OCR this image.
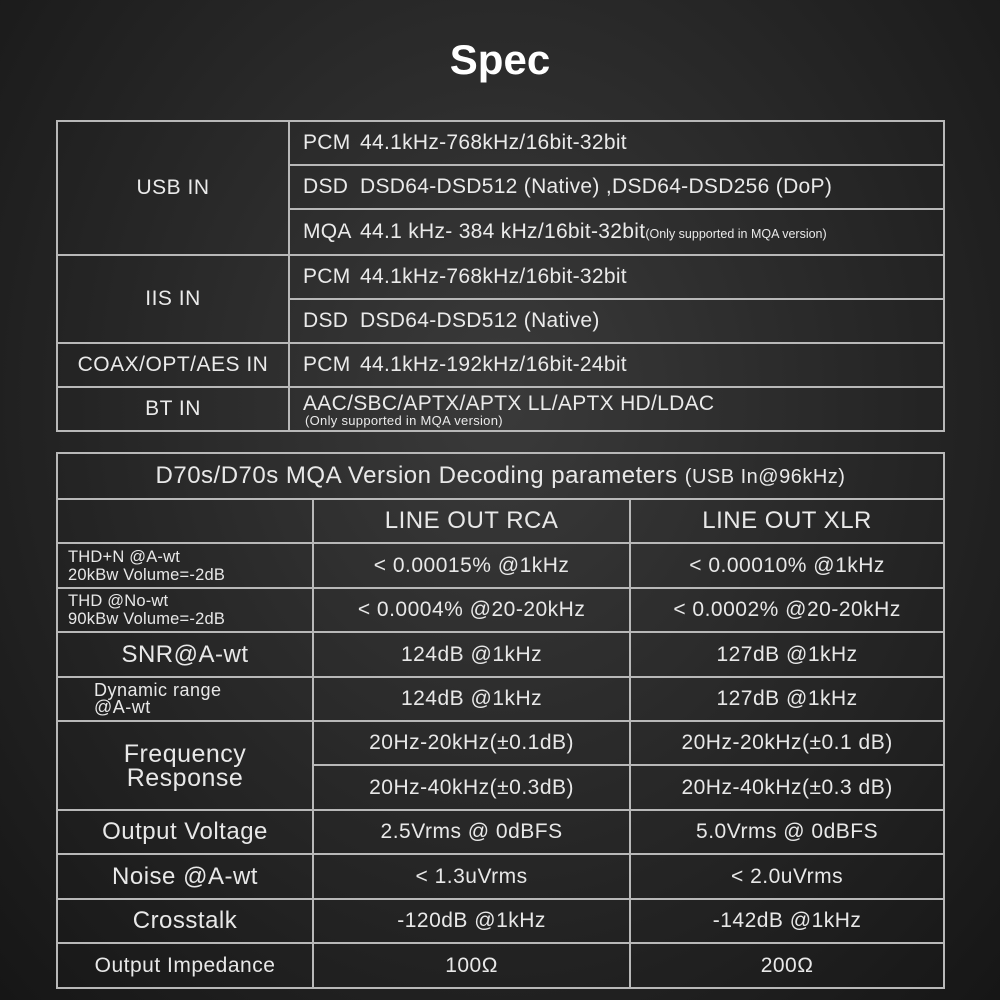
Spec
USB IN	PCM 44.1kHz-768kHz/16bit-32bit
	DSD DSD64-DSD512 (Native) ,DSD64-DSD256 (DoP)
	MQA 44.1 kHz- 384 kHz/16bit-32bit(Only supported in MQA version)
IIS IN	PCM 44.1kHz-768kHz/16bit-32bit
	DSD DSD64-DSD512 (Native)
COAX/OPT/AES IN	PCM 44.1kHz-192kHz/16bit-24bit
BT IN	AAC/SBC/APTX/APTX LL/APTX HD/LDAC
(Only supported in MQA version)
D70s/D70s MQA Version Decoding parameters (USB In@96kHz)		
	LINE OUT RCA	LINE OUT XLR

THD+N @A-wt
20kBw Volume=-2dB	< 0.00015% @1kHz	< 0.00010% @1kHz

THD @No-wt
90kBw Volume=-2dB	< 0.0004% @20-20kHz	< 0.0002% @20-20kHz
SNR@A-wt	124dB @1kHz	127dB @1kHz

Dynamic range
@A-wt	124dB @1kHz	127dB @1kHz

Frequency
Response	20Hz-20kHz(±0.1dB)	20Hz-20kHz(±0.1 dB)
	20Hz-40kHz(±0.3dB)	20Hz-40kHz(±0.3 dB)
Output Voltage	2.5Vrms @ 0dBFS	5.0Vrms @ 0dBFS
Noise @A-wt	< 1.3uVrms	< 2.0uVrms
Crosstalk	-120dB @1kHz	-142dB @1kHz
Output Impedance	100Ω	200Ω
